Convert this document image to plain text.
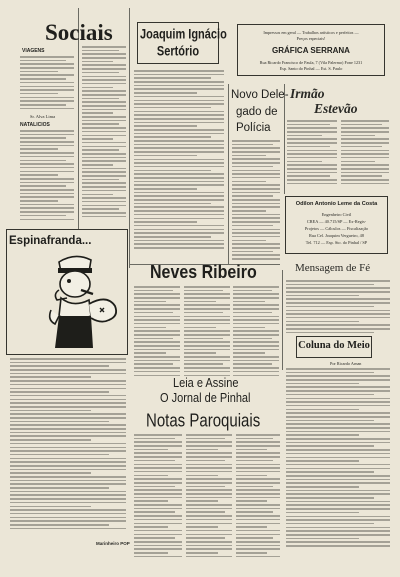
Sociais
VIAGENS
Sr. Alva Lima
NATALICIOS
Joaquim Ignácio
Sertório
Impressos em geral — Trabalhos artísticos e perfeitos —
Preços especiais!
GRÁFICA SERRANA
Rua Ricardo Francisco de Paula, 7 (Vila Palermo) Fone 1231
Esp. Santo do Pinhal — Est. S. Paulo
Novo Dele-
gado de
Polícia
Irmão
Estevão
Odilon Antonio Leme da Costa
Engenheiro Civil
CREA — 40.715/SP — Ex-Regis-
Projetos — Cálculos — Fiscalização
Rua Cel. Joaquim Vergueiro, 48
Tel. 712 — Esp. Sto. do Pinhal / SP
Mensagem de Fé
Espinafranda...
Marinheiro POP
Neves Ribeiro
Coluna do Meio
Por Ricardo Arnan
Leia e Assine
O Jornal de Pinhal
Notas Paroquiais
